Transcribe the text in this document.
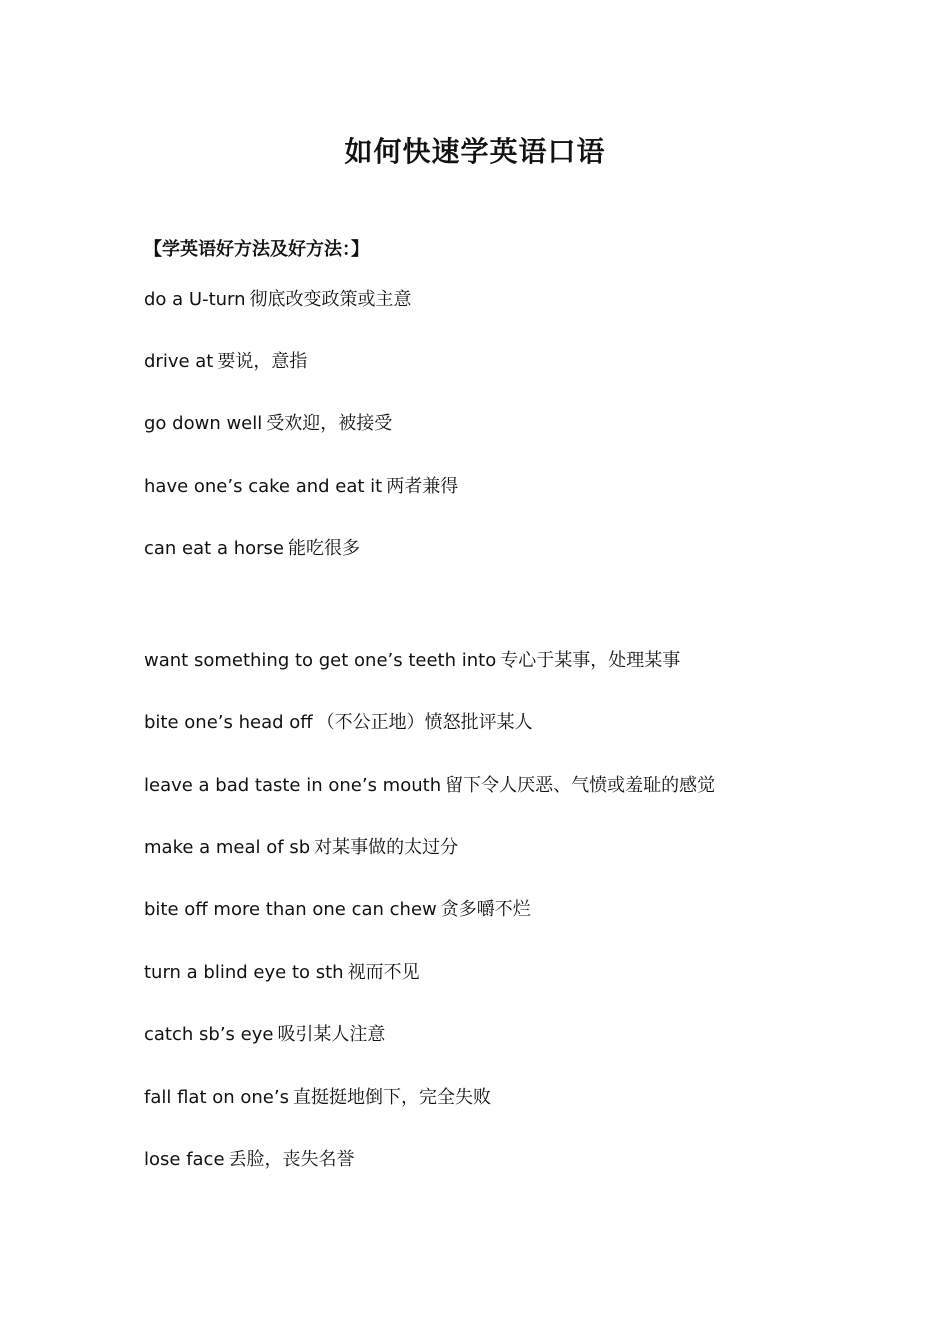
如何快速学英语口语
【学英语好方法及好方法：】
do a U-turn 彻底改变政策或主意
drive at 要说，意指
go down well 受欢迎，被接受
have one’s cake and eat it 两者兼得
can eat a horse 能吃很多
want something to get one’s teeth into 专心于某事，处理某事
bite one’s head off （不公正地）愤怒批评某人
leave a bad taste in one’s mouth 留下令人厌恶、气愤或羞耻的感觉
make a meal of sb 对某事做的太过分
bite off more than one can chew 贪多嚼不烂
turn a blind eye to sth 视而不见
catch sb’s eye 吸引某人注意
fall flat on one’s 直挺挺地倒下，完全失败
lose face 丢脸，丧失名誉
